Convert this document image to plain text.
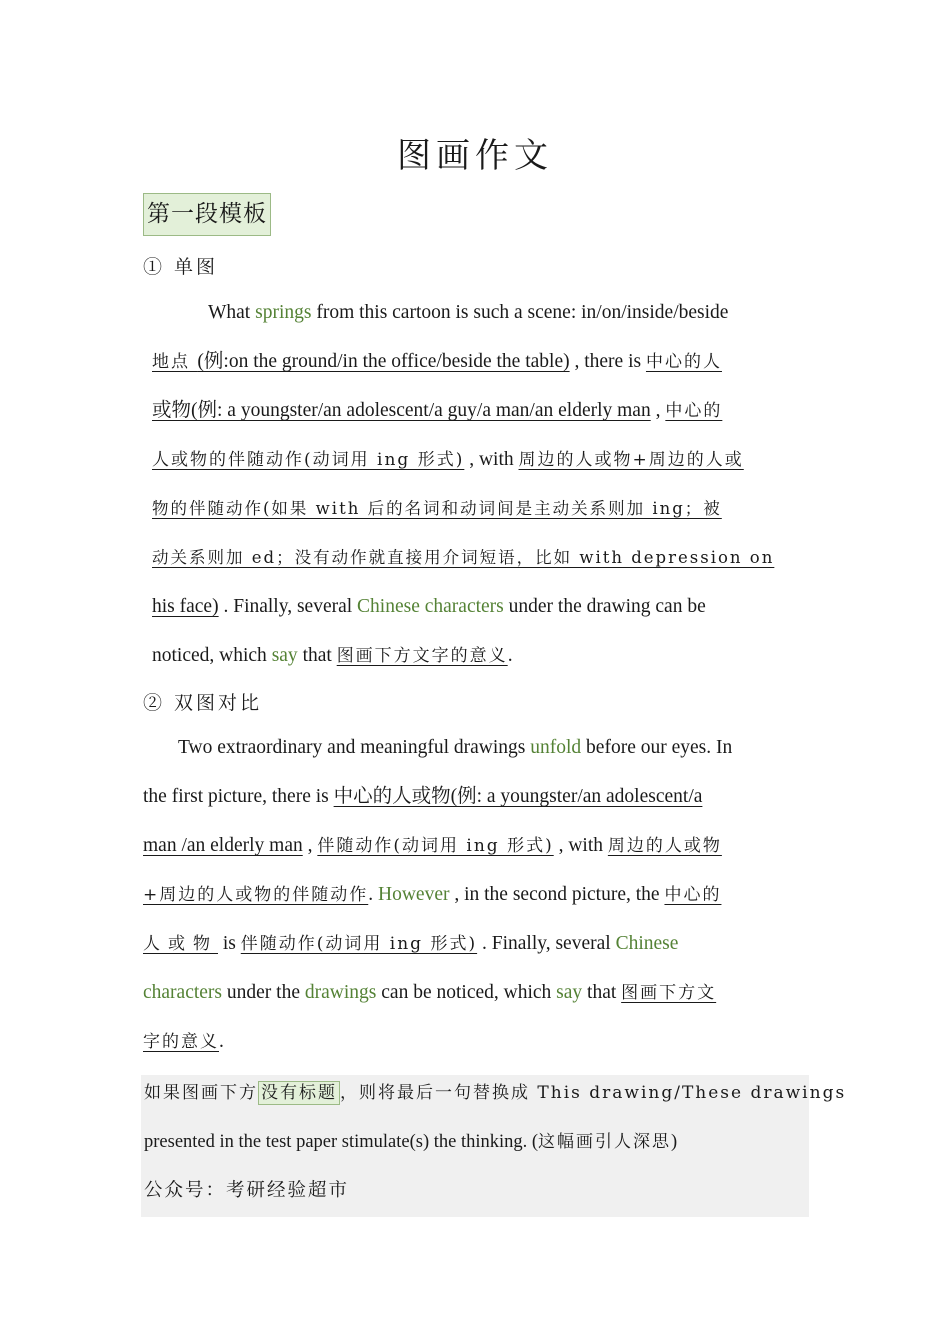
图画作文
第一段模板
① 单图
What springs from this cartoon is such a scene: in/on/inside/beside
地点 (例:on the ground/in the office/beside the table) , there is 中心的人
或物(例: a youngster/an adolescent/a guy/a man/an elderly man , 中心的
人或物的伴随动作(动词用 ing 形式) , with 周边的人或物+周边的人或
物的伴随动作(如果 with 后的名词和动词间是主动关系则加 ing；被
动关系则加 ed；没有动作就直接用介词短语，比如 with depression on
his face) . Finally, several Chinese characters under the drawing can be
noticed, which say that 图画下方文字的意义.
② 双图对比
Two extraordinary and meaningful drawings unfold before our eyes. In
the first picture, there is 中心的人或物(例: a youngster/an adolescent/a
man /an elderly man , 伴随动作(动词用 ing 形式) , with 周边的人或物
+周边的人或物的伴随动作. However , in the second picture, the 中心的
人或物 is 伴随动作(动词用 ing 形式) . Finally, several Chinese
characters under the drawings can be noticed, which say that 图画下方文
字的意义.
如果图画下方 没有标题 ，则将最后一句替换成 This drawing/These drawings
presented in the test paper stimulate(s) the thinking. (这幅画引人深思)
公众号：考研经验超市
